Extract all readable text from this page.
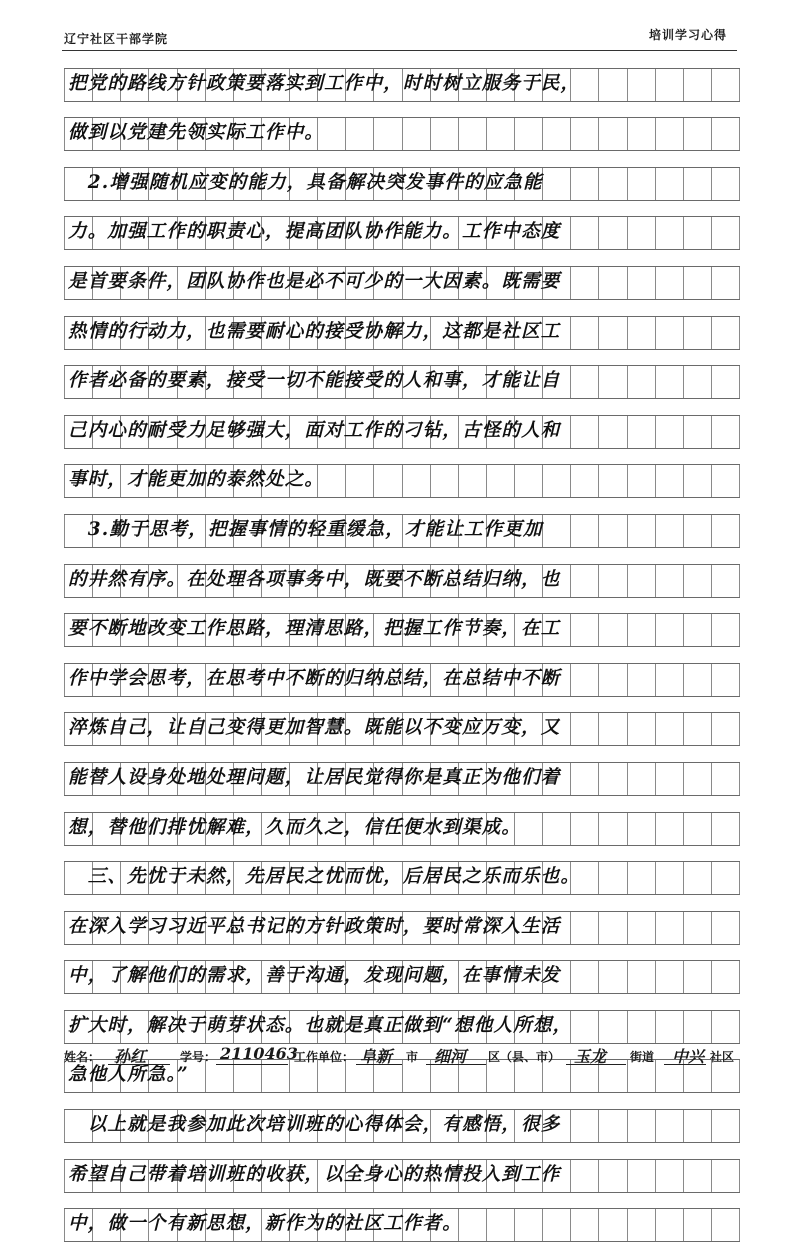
辽宁社区干部学院	培训学习心得
把党的路线方针政策要落实到工作中，时时树立服务于民，
做到以党建先领实际工作中。
　2.增强随机应变的能力，具备解决突发事件的应急能
力。加强工作的职责心，提高团队协作能力。工作中态度
是首要条件，团队协作也是必不可少的一大因素。既需要
热情的行动力，也需要耐心的接受协解力，这都是社区工
作者必备的要素，接受一切不能接受的人和事，才能让自
己内心的耐受力足够强大，面对工作的刁钻，古怪的人和
事时，才能更加的泰然处之。
　3.勤于思考，把握事情的轻重缓急，才能让工作更加
的井然有序。在处理各项事务中，既要不断总结归纳，也
要不断地改变工作思路，理清思路，把握工作节奏，在工
作中学会思考，在思考中不断的归纳总结，在总结中不断
淬炼自己，让自己变得更加智慧。既能以不变应万变，又
能替人设身处地处理问题，让居民觉得你是真正为他们着
想，替他们排忧解难，久而久之，信任便水到渠成。
　三、先忧于未然，先居民之忧而忧，后居民之乐而乐也。
在深入学习习近平总书记的方针政策时，要时常深入生活
中，了解他们的需求，善于沟通，发现问题，在事情未发
扩大时，解决于萌芽状态。也就是真正做到“想他人所想，
急他人所急。”
　以上就是我参加此次培训班的心得体会，有感悟，很多
希望自己带着培训班的收获，以全身心的热情投入到工作
中，做一个有新思想，新作为的社区工作者。
姓名： 孙红	学号： 2110463
工作单位： 阜新 市 细河 区（县、市） 玉龙 街道 中兴 社区
